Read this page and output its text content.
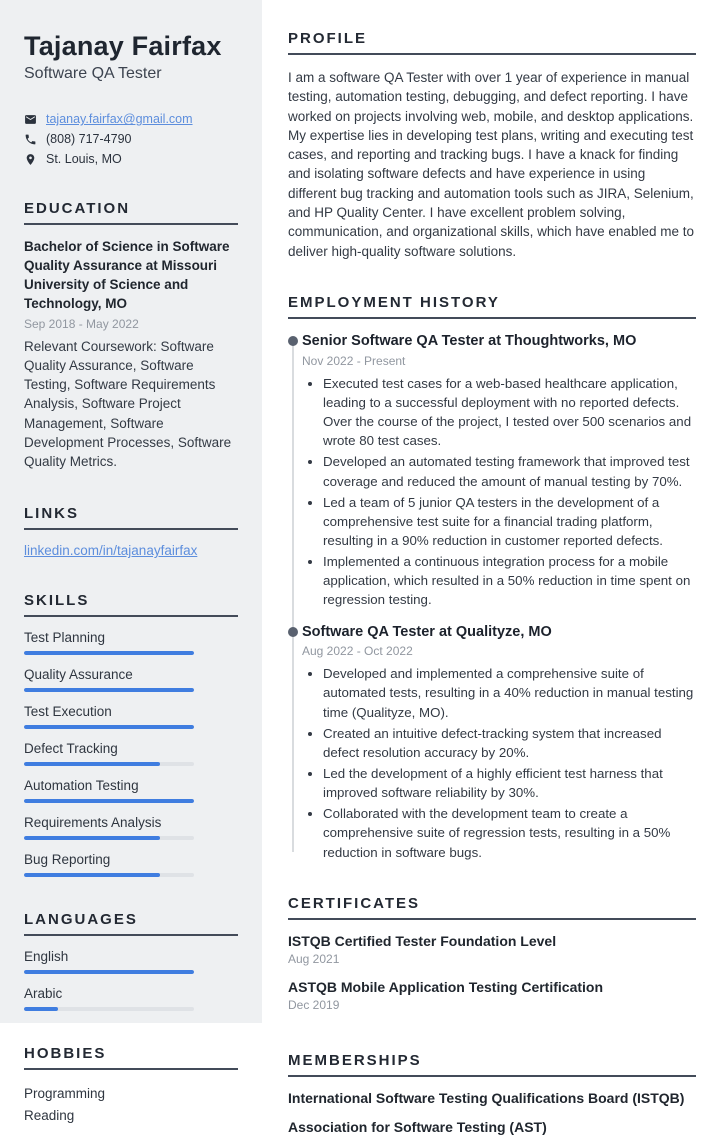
Tajanay Fairfax
Software QA Tester
tajanay.fairfax@gmail.com
(808) 717-4790
St. Louis, MO
EDUCATION
Bachelor of Science in Software Quality Assurance at Missouri University of Science and Technology, MO
Sep 2018 - May 2022
Relevant Coursework: Software Quality Assurance, Software Testing, Software Requirements Analysis, Software Project Management, Software Development Processes, Software Quality Metrics.
LINKS
linkedin.com/in/tajanayfairfax
SKILLS
Test Planning
Quality Assurance
Test Execution
Defect Tracking
Automation Testing
Requirements Analysis
Bug Reporting
LANGUAGES
English
Arabic
HOBBIES
Programming
Reading
PROFILE
I am a software QA Tester with over 1 year of experience in manual testing, automation testing, debugging, and defect reporting. I have worked on projects involving web, mobile, and desktop applications. My expertise lies in developing test plans, writing and executing test cases, and reporting and tracking bugs. I have a knack for finding and isolating software defects and have experience in using different bug tracking and automation tools such as JIRA, Selenium, and HP Quality Center. I have excellent problem solving, communication, and organizational skills, which have enabled me to deliver high-quality software solutions.
EMPLOYMENT HISTORY
Senior Software QA Tester at Thoughtworks, MO
Nov 2022 - Present
• Executed test cases for a web-based healthcare application, leading to a successful deployment with no reported defects. Over the course of the project, I tested over 500 scenarios and wrote 80 test cases.
• Developed an automated testing framework that improved test coverage and reduced the amount of manual testing by 70%.
• Led a team of 5 junior QA testers in the development of a comprehensive test suite for a financial trading platform, resulting in a 90% reduction in customer reported defects.
• Implemented a continuous integration process for a mobile application, which resulted in a 50% reduction in time spent on regression testing.
Software QA Tester at Qualityze, MO
Aug 2022 - Oct 2022
• Developed and implemented a comprehensive suite of automated tests, resulting in a 40% reduction in manual testing time (Qualityze, MO).
• Created an intuitive defect-tracking system that increased defect resolution accuracy by 20%.
• Led the development of a highly efficient test harness that improved software reliability by 30%.
• Collaborated with the development team to create a comprehensive suite of regression tests, resulting in a 50% reduction in software bugs.
CERTIFICATES
ISTQB Certified Tester Foundation Level
Aug 2021
ASTQB Mobile Application Testing Certification
Dec 2019
MEMBERSHIPS
International Software Testing Qualifications Board (ISTQB)
Association for Software Testing (AST)
